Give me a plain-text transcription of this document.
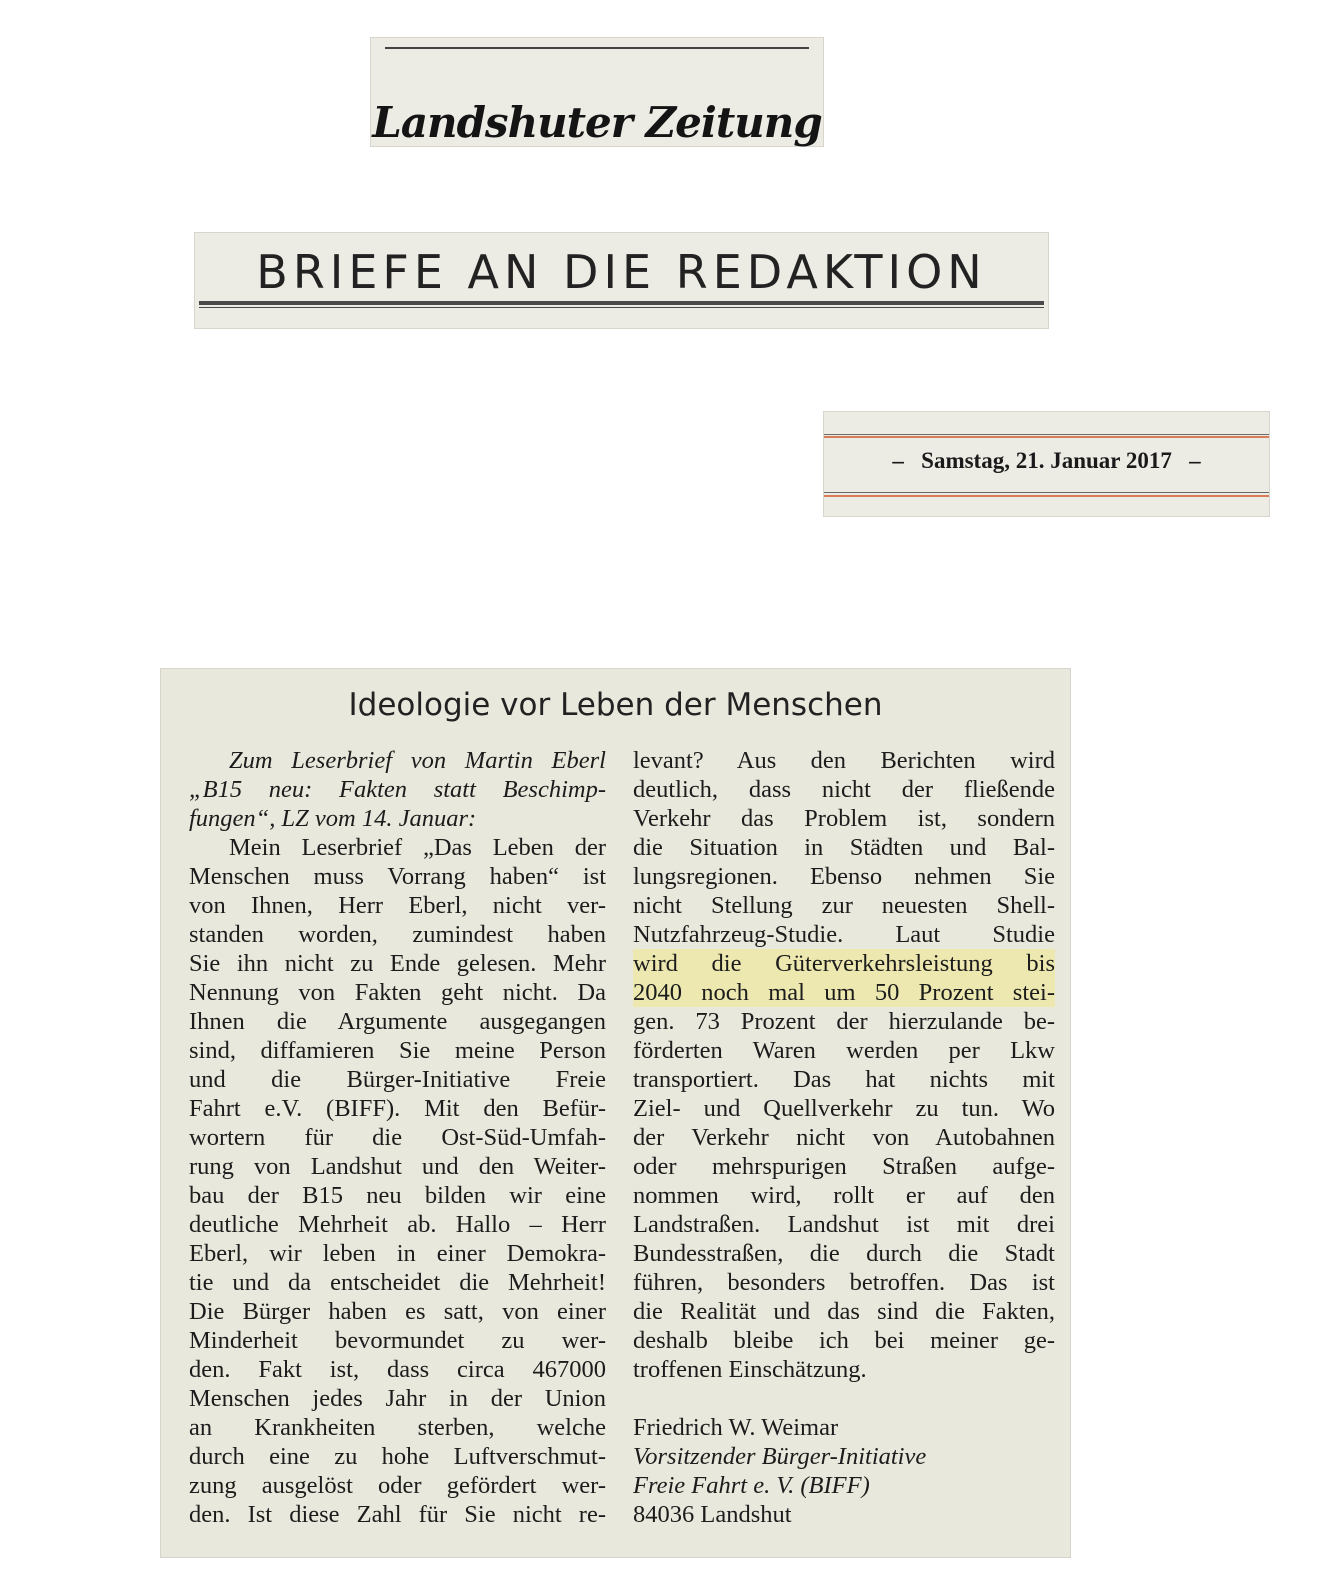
Landshuter Zeitung
BRIEFE AN DIE REDAKTION
–   Samstag, 21. Januar 2017   –
Ideologie vor Leben der Menschen
Zum Leserbrief von Martin Eberl
„B15 neu: Fakten statt Beschimp-
fungen“, LZ vom 14. Januar:
Mein Leserbrief „Das Leben der
Menschen muss Vorrang haben“ ist
von Ihnen, Herr Eberl, nicht ver-
standen worden, zumindest haben
Sie ihn nicht zu Ende gelesen. Mehr
Nennung von Fakten geht nicht. Da
Ihnen die Argumente ausgegangen
sind, diffamieren Sie meine Person
und die Bürger-Initiative Freie
Fahrt e.V. (BIFF). Mit den Befür-
wortern für die Ost-Süd-Umfah-
rung von Landshut und den Weiter-
bau der B15 neu bilden wir eine
deutliche Mehrheit ab. Hallo – Herr
Eberl, wir leben in einer Demokra-
tie und da entscheidet die Mehrheit!
Die Bürger haben es satt, von einer
Minderheit bevormundet zu wer-
den. Fakt ist, dass circa 467000
Menschen jedes Jahr in der Union
an Krankheiten sterben, welche
durch eine zu hohe Luftverschmut-
zung ausgelöst oder gefördert wer-
den. Ist diese Zahl für Sie nicht re-
levant? Aus den Berichten wird
deutlich, dass nicht der fließende
Verkehr das Problem ist, sondern
die Situation in Städten und Bal-
lungsregionen. Ebenso nehmen Sie
nicht Stellung zur neuesten Shell-
Nutzfahrzeug-Studie. Laut Studie
wird die Güterverkehrsleistung bis
2040 noch mal um 50 Prozent stei-
gen. 73 Prozent der hierzulande be-
förderten Waren werden per Lkw
transportiert. Das hat nichts mit
Ziel- und Quellverkehr zu tun. Wo
der Verkehr nicht von Autobahnen
oder mehrspurigen Straßen aufge-
nommen wird, rollt er auf den
Landstraßen. Landshut ist mit drei
Bundesstraßen, die durch die Stadt
führen, besonders betroffen. Das ist
die Realität und das sind die Fakten,
deshalb bleibe ich bei meiner ge-
troffenen Einschätzung.
Friedrich W. Weimar
Vorsitzender Bürger-Initiative
Freie Fahrt e. V. (BIFF)
84036 Landshut
